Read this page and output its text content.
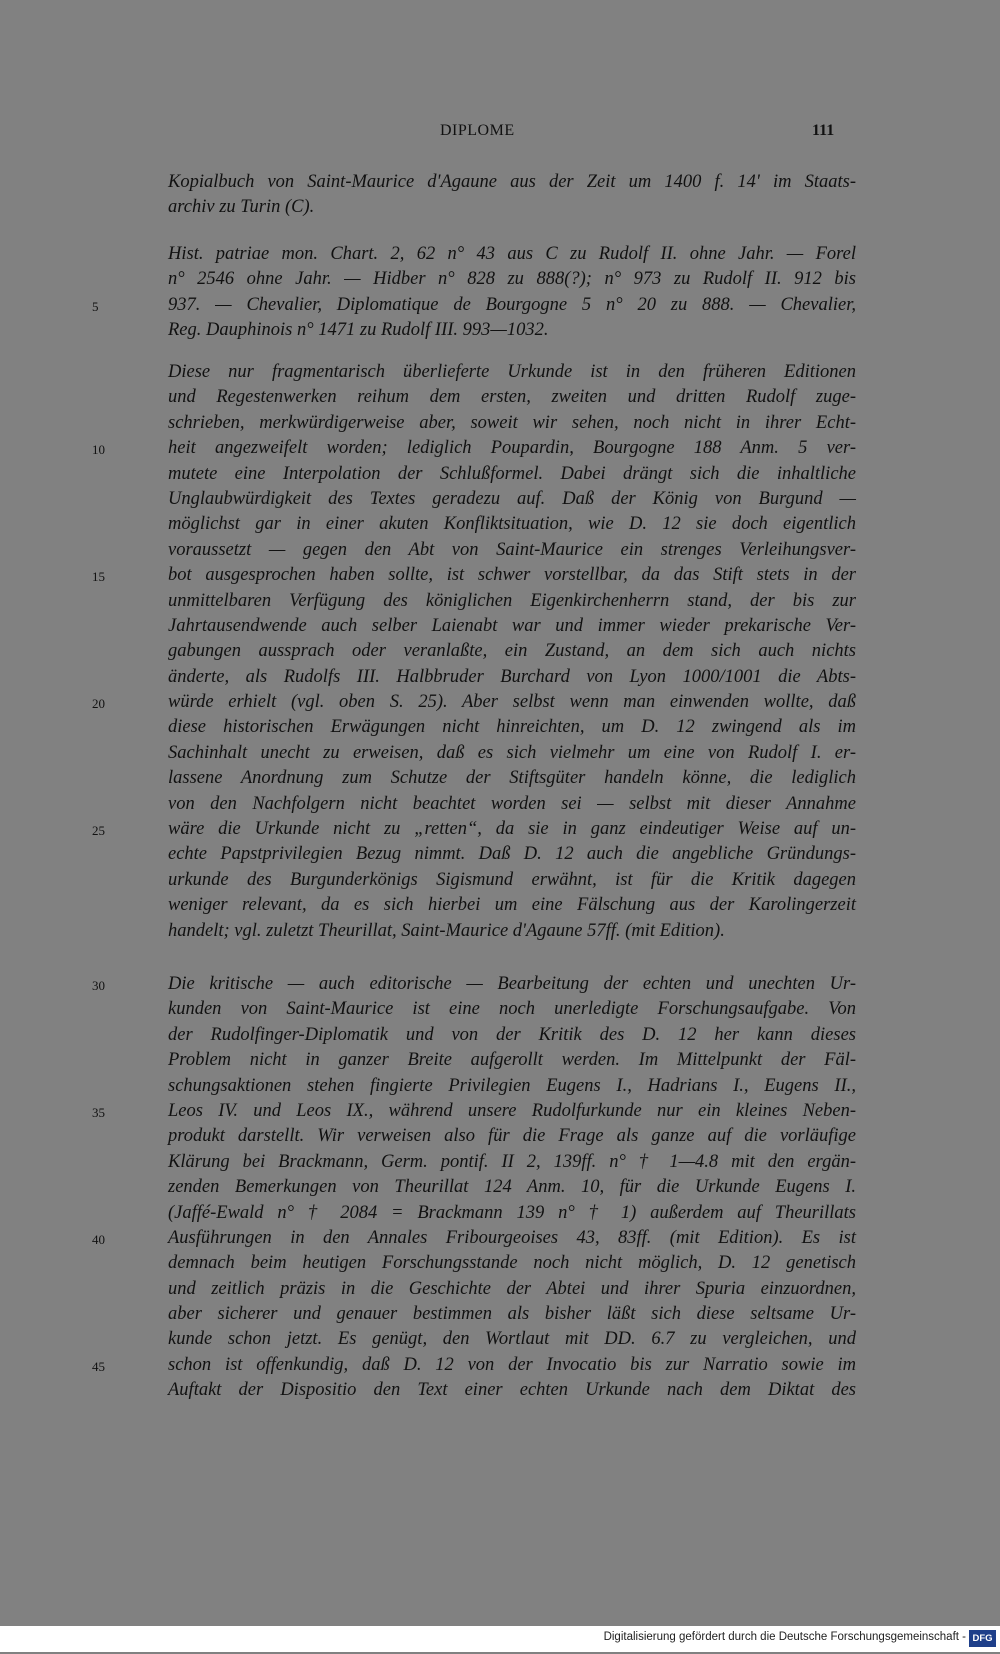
DIPLOME	111
Kopialbuch von Saint-Maurice d'Agaune aus der Zeit um 1400 f. 14' im Staats-
archiv zu Turin (C).
Hist. patriae mon. Chart. 2, 62 n° 43 aus C zu Rudolf II. ohne Jahr. — Forel
n° 2546 ohne Jahr. — Hidber n° 828 zu 888(?); n° 973 zu Rudolf II. 912 bis
5	937. — Chevalier, Diplomatique de Bourgogne 5 n° 20 zu 888. — Chevalier,
Reg. Dauphinois n° 1471 zu Rudolf III. 993—1032.
Diese nur fragmentarisch überlieferte Urkunde ist in den früheren Editionen
und Regestenwerken reihum dem ersten, zweiten und dritten Rudolf zuge-
schrieben, merkwürdigerweise aber, soweit wir sehen, noch nicht in ihrer Echt-
10	heit angezweifelt worden; lediglich Poupardin, Bourgogne 188 Anm. 5 ver-
mutete eine Interpolation der Schlußformel. Dabei drängt sich die inhaltliche
Unglaubwürdigkeit des Textes geradezu auf. Daß der König von Burgund —
möglichst gar in einer akuten Konfliktsituation, wie D. 12 sie doch eigentlich
voraussetzt — gegen den Abt von Saint-Maurice ein strenges Verleihungsver-
15	bot ausgesprochen haben sollte, ist schwer vorstellbar, da das Stift stets in der
unmittelbaren Verfügung des königlichen Eigenkirchenherrn stand, der bis zur
Jahrtausendwende auch selber Laienabt war und immer wieder prekarische Ver-
gabungen aussprach oder veranlaßte, ein Zustand, an dem sich auch nichts
änderte, als Rudolfs III. Halbbruder Burchard von Lyon 1000/1001 die Abts-
20	würde erhielt (vgl. oben S. 25). Aber selbst wenn man einwenden wollte, daß
diese historischen Erwägungen nicht hinreichten, um D. 12 zwingend als im
Sachinhalt unecht zu erweisen, daß es sich vielmehr um eine von Rudolf I. er-
lassene Anordnung zum Schutze der Stiftsgüter handeln könne, die lediglich
von den Nachfolgern nicht beachtet worden sei — selbst mit dieser Annahme
25	wäre die Urkunde nicht zu „retten“, da sie in ganz eindeutiger Weise auf un-
echte Papstprivilegien Bezug nimmt. Daß D. 12 auch die angebliche Gründungs-
urkunde des Burgunderkönigs Sigismund erwähnt, ist für die Kritik dagegen
weniger relevant, da es sich hierbei um eine Fälschung aus der Karolingerzeit
handelt; vgl. zuletzt Theurillat, Saint-Maurice d'Agaune 57ff. (mit Edition).
30	Die kritische — auch editorische — Bearbeitung der echten und unechten Ur-
kunden von Saint-Maurice ist eine noch unerledigte Forschungsaufgabe. Von
der Rudolfinger-Diplomatik und von der Kritik des D. 12 her kann dieses
Problem nicht in ganzer Breite aufgerollt werden. Im Mittelpunkt der Fäl-
schungsaktionen stehen fingierte Privilegien Eugens I., Hadrians I., Eugens II.,
35	Leos IV. und Leos IX., während unsere Rudolfurkunde nur ein kleines Neben-
produkt darstellt. Wir verweisen also für die Frage als ganze auf die vorläufige
Klärung bei Brackmann, Germ. pontif. II 2, 139ff. n° † 1—4.8 mit den ergän-
zenden Bemerkungen von Theurillat 124 Anm. 10, für die Urkunde Eugens I.
(Jaffé-Ewald n° † 2084 = Brackmann 139 n° † 1) außerdem auf Theurillats
40	Ausführungen in den Annales Fribourgeoises 43, 83ff. (mit Edition). Es ist
demnach beim heutigen Forschungsstande noch nicht möglich, D. 12 genetisch
und zeitlich präzis in die Geschichte der Abtei und ihrer Spuria einzuordnen,
aber sicherer und genauer bestimmen als bisher läßt sich diese seltsame Ur-
kunde schon jetzt. Es genügt, den Wortlaut mit DD. 6.7 zu vergleichen, und
45	schon ist offenkundig, daß D. 12 von der Invocatio bis zur Narratio sowie im
Auftakt der Dispositio den Text einer echten Urkunde nach dem Diktat des
Digitalisierung gefördert durch die Deutsche Forschungsgemeinschaft - DFG
